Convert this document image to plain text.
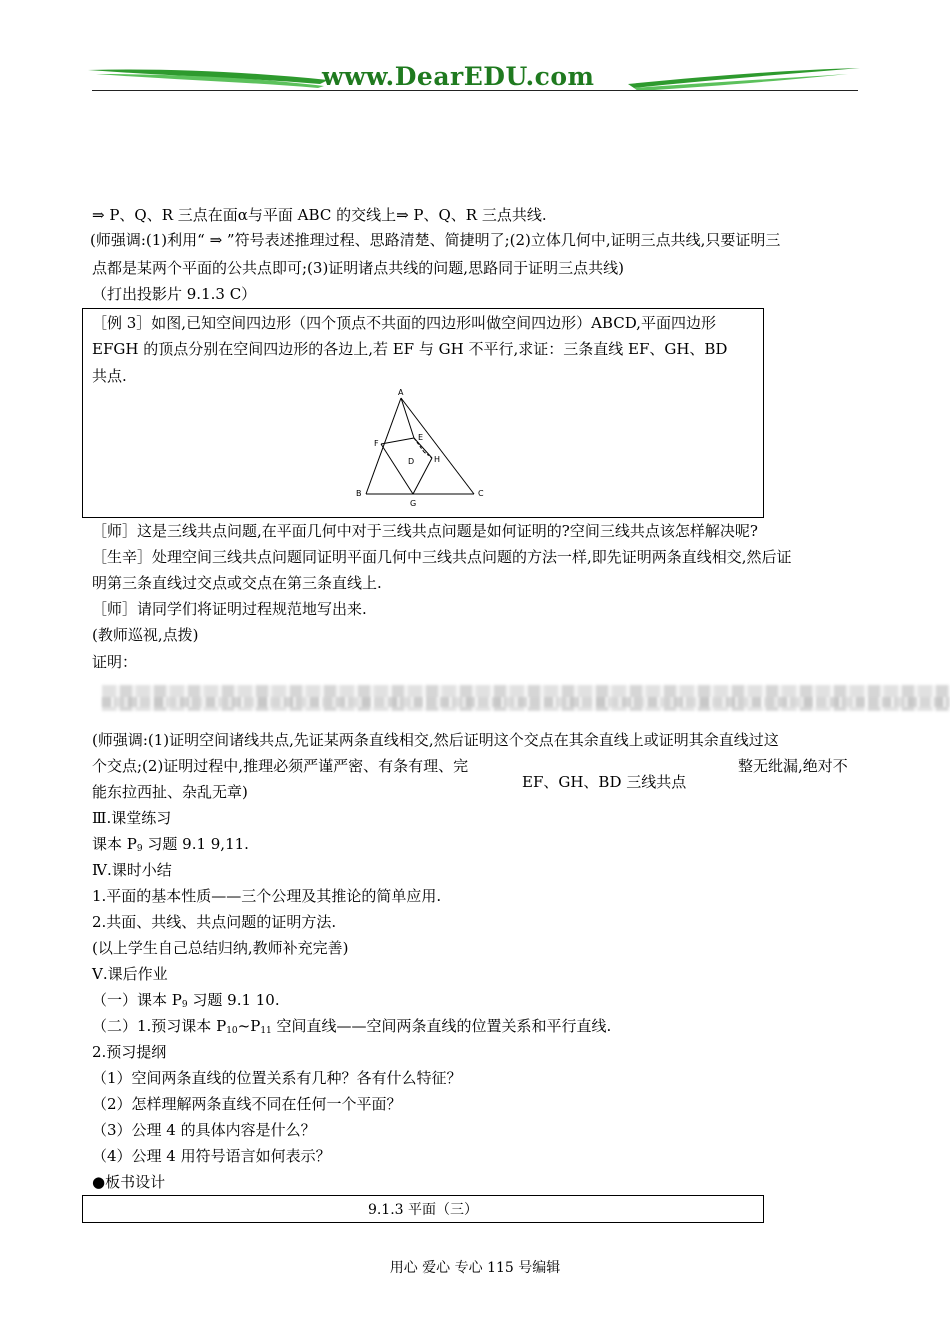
www.DearEDU.com
⇒ P、Q、R 三点在面α与平面 ABC 的交线上⇒ P、Q、R 三点共线.
(师强调:(1)利用“ ⇒ ”符号表述推理过程、思路清楚、简捷明了;(2)立体几何中,证明三点共线,只要证明三
点都是某两个平面的公共点即可;(3)证明诸点共线的问题,思路同于证明三点共线)
（打出投影片 9.1.3 C）
［例 3］如图,已知空间四边形（四个顶点不共面的四边形叫做空间四边形）ABCD,平面四边形
EFGH 的顶点分别在空间四边形的各边上,若 EF 与 GH 不平行,求证：三条直线 EF、GH、BD
共点.
A
B	C
D
E
F
G
H
［师］这是三线共点问题,在平面几何中对于三线共点问题是如何证明的?空间三线共点该怎样解决呢?
［生辛］处理空间三线共点问题同证明平面几何中三线共点问题的方法一样,即先证明两条直线相交,然后证
明第三条直线过交点或交点在第三条直线上.
［师］请同学们将证明过程规范地写出来.
(教师巡视,点拨)
证明：
(师强调:(1)证明空间诸线共点,先证某两条直线相交,然后证明这个交点在其余直线上或证明其余直线过这
个交点;(2)证明过程中,推理必须严谨严密、有条有理、完	整无纰漏,绝对不
EF、GH、BD 三线共点
能东拉西扯、杂乱无章)
Ⅲ.课堂练习
课本 $P_9$ 习题 9.1 9,11.
Ⅳ.课时小结
1.平面的基本性质——三个公理及其推论的简单应用.
2.共面、共线、共点问题的证明方法.
(以上学生自己总结归纳,教师补充完善)
Ⅴ.课后作业
（一）课本 $P_9$ 习题 9.1 10.
（二）1.预习课本 $P_{10}\sim P_{11}$ 空间直线——空间两条直线的位置关系和平行直线.
2.预习提纲
（1）空间两条直线的位置关系有几种？各有什么特征？
（2）怎样理解两条直线不同在任何一个平面？
（3）公理 4 的具体内容是什么？
（4）公理 4 用符号语言如何表示？
●板书设计
9.1.3 平面（三）
用心 爱心 专心 115 号编辑
